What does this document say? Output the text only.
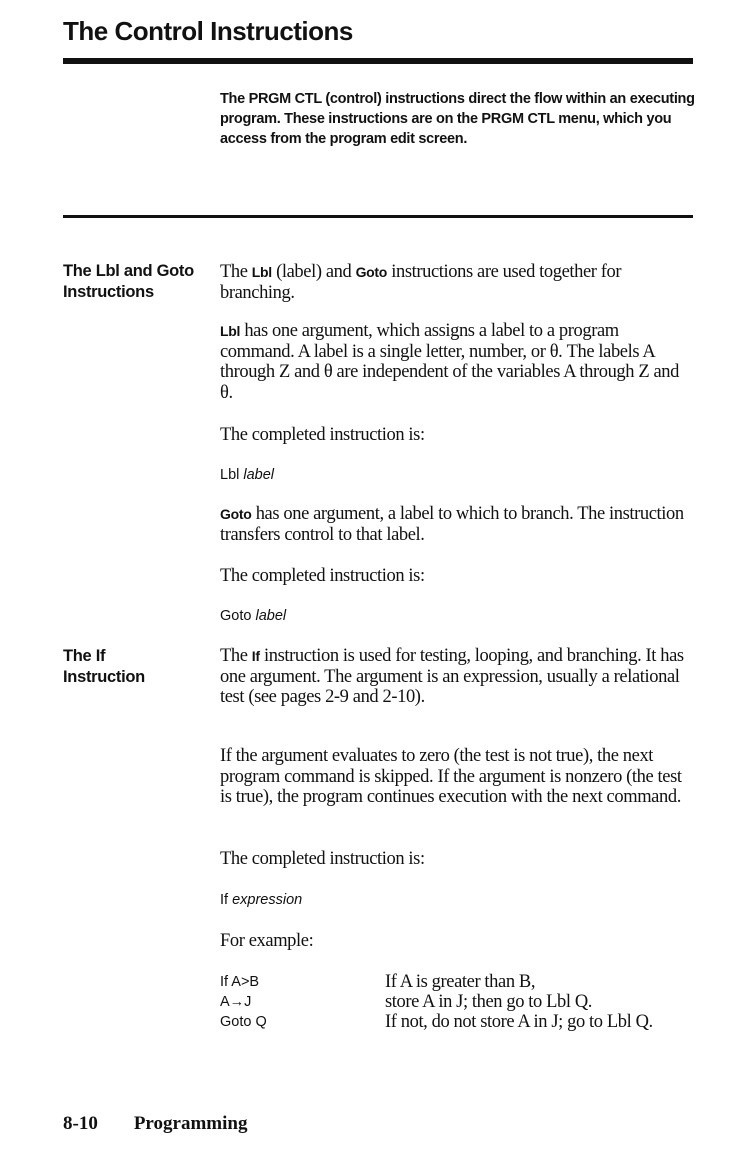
The Control Instructions

The PRGM CTL (control) instructions direct the flow within an executing program. These instructions are on the PRGM CTL menu, which you access from the program edit screen.

The Lbl and Goto
Instructions

The Lbl (label) and Goto instructions are used together for branching.

Lbl has one argument, which assigns a label to a program command. A label is a single letter, number, or θ. The labels A through Z and θ are independent of the variables A through Z and θ.

The completed instruction is:

Lbl label

Goto has one argument, a label to which to branch. The instruction transfers control to that label.

The completed instruction is:

Goto label

The If
Instruction

The If instruction is used for testing, looping, and branching. It has one argument. The argument is an expression, usually a relational test (see pages 2-9 and 2-10).

If the argument evaluates to zero (the test is not true), the next program command is skipped. If the argument is nonzero (the test is true), the program continues execution with the next command.

The completed instruction is:

If expression

For example:

If A>B	If A is greater than B,
A→J	store A in J; then go to Lbl Q.
Goto Q	If not, do not store A in J; go to Lbl Q.

8-10 Programming
